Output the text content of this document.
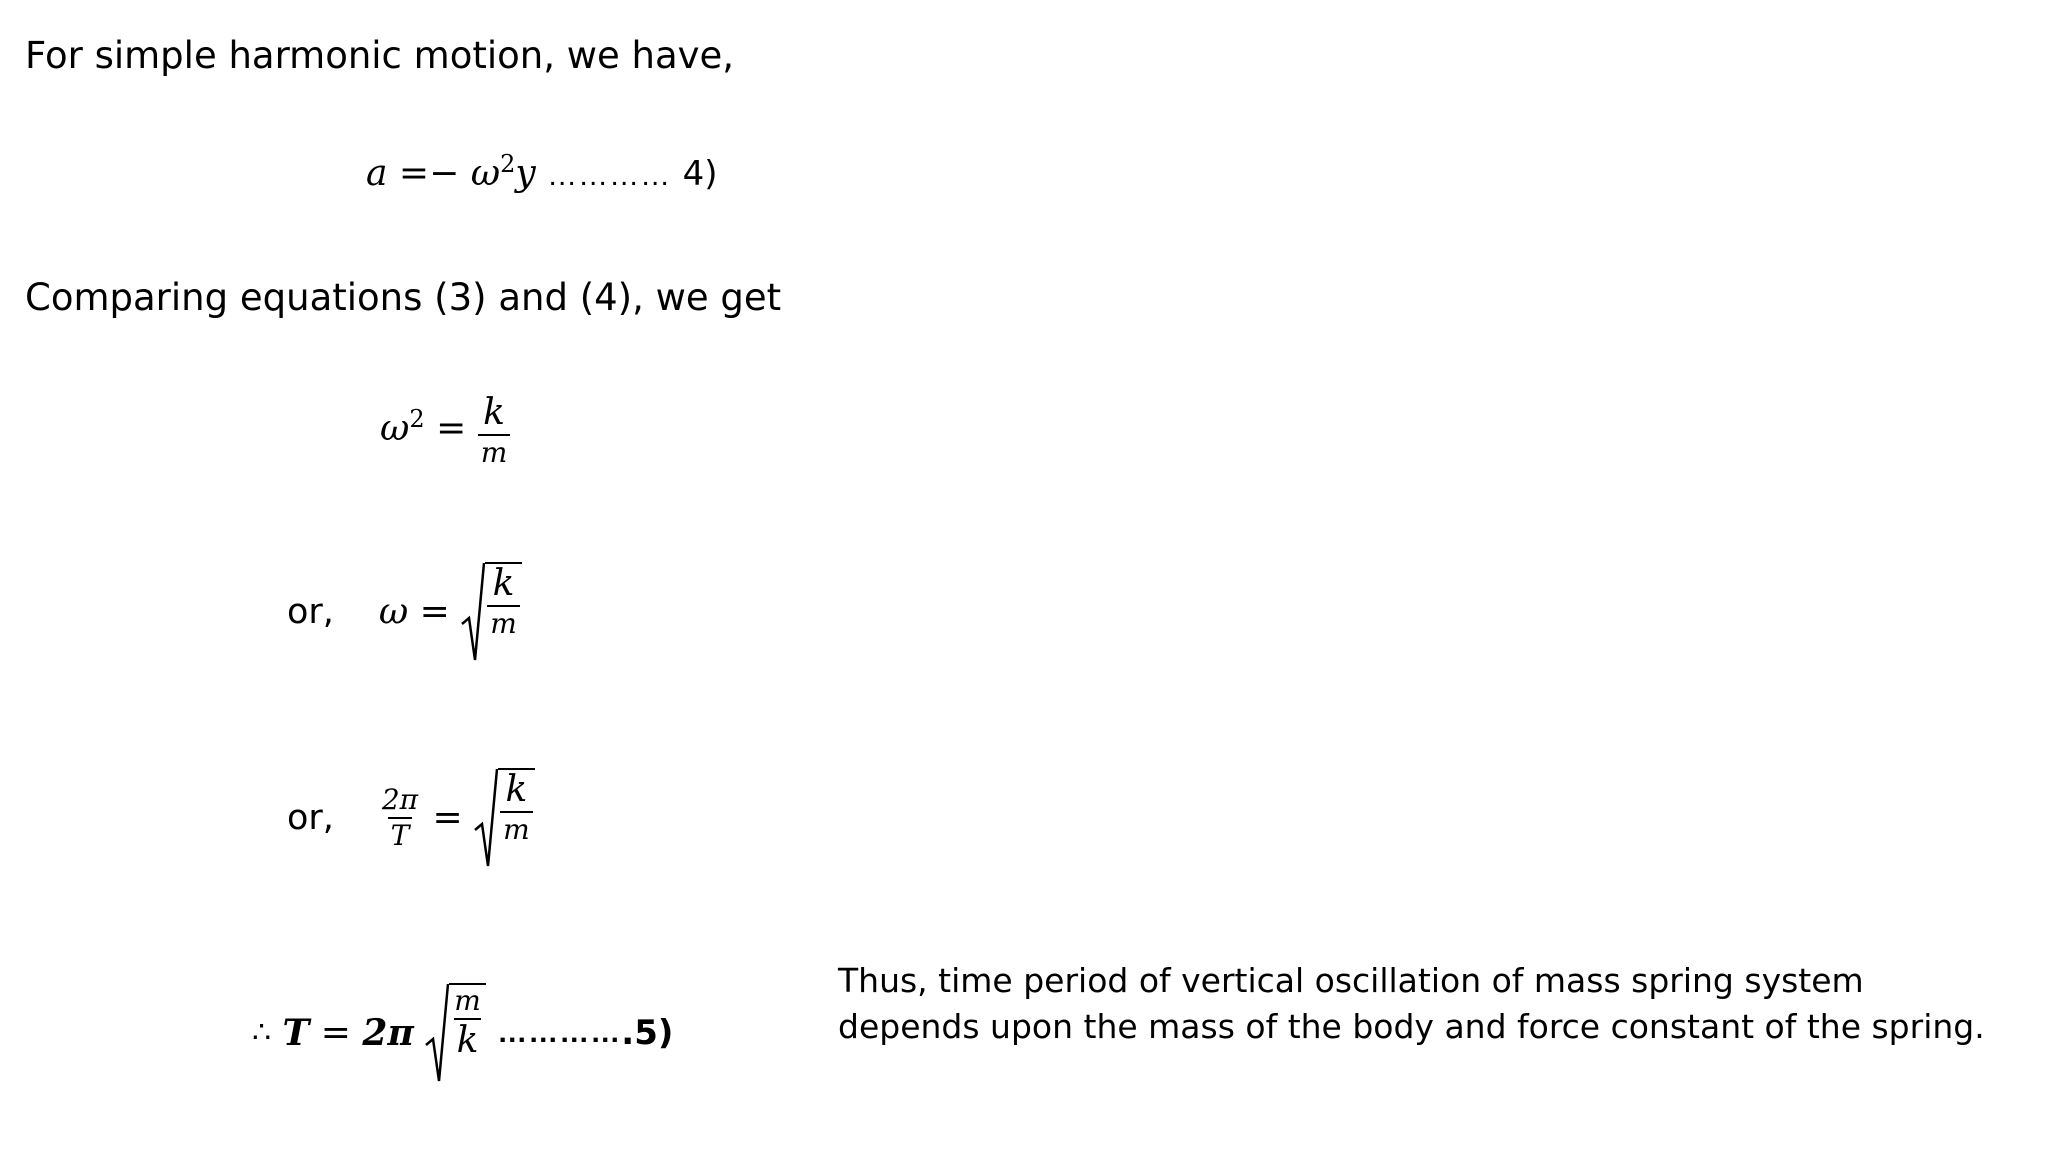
For simple harmonic motion, we have,
$a =- \omega^2y$ ………… 4)
Comparing equations (3) and (4), we get
$\omega^2 = \frac{k}{m}$
or, $\omega = \frac{k}{m}$
or, $\frac{2\pi}{T} = \frac{k}{m}$
∴ $T = 2\pi \frac{m}{k}$ ………….5)
Thus, time period of vertical oscillation of mass spring system depends upon the mass of the body and force constant of the spring.
